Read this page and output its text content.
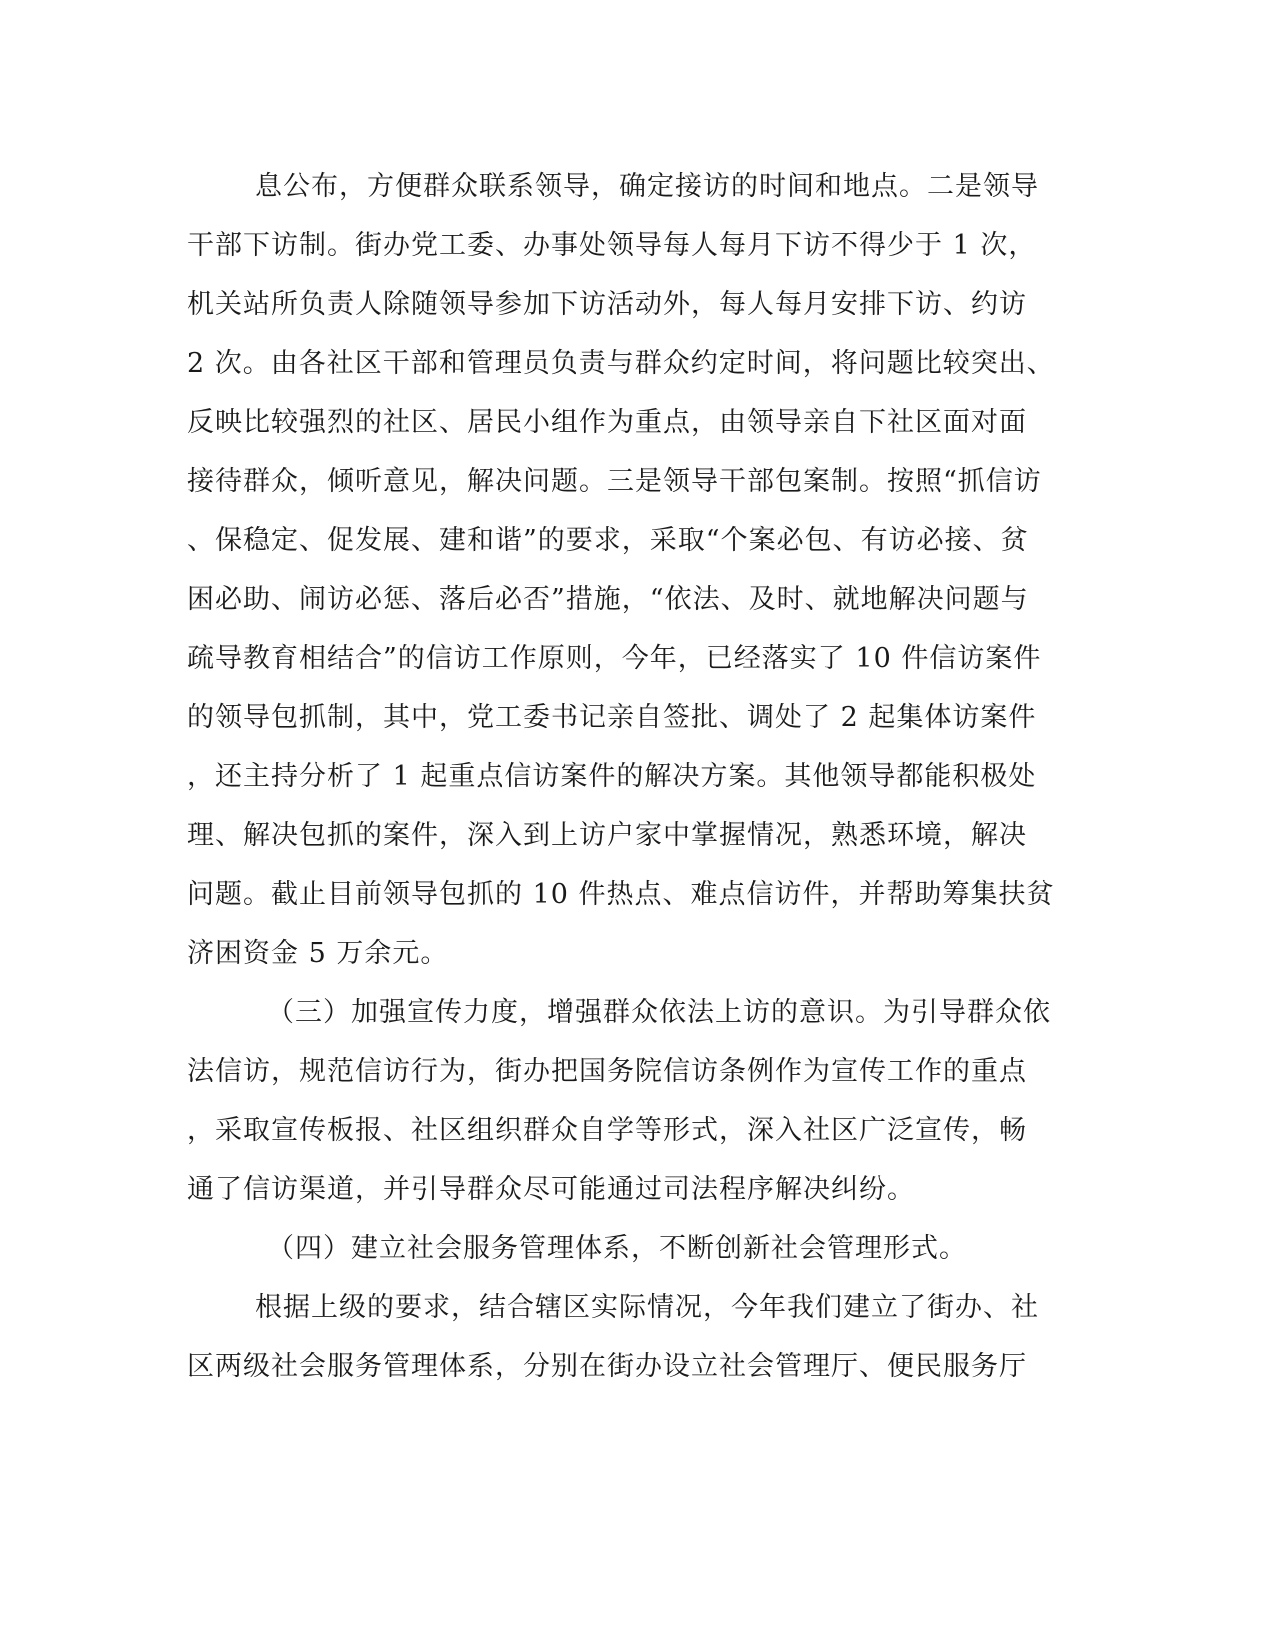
息公布，方便群众联系领导，确定接访的时间和地点。二是领导
干部下访制。街办党工委、办事处领导每人每月下访不得少于 1 次，
机关站所负责人除随领导参加下访活动外，每人每月安排下访、约访
2 次。由各社区干部和管理员负责与群众约定时间，将问题比较突出、
反映比较强烈的社区、居民小组作为重点，由领导亲自下社区面对面
接待群众，倾听意见，解决问题。三是领导干部包案制。按照“抓信访
、保稳定、促发展、建和谐”的要求，采取“个案必包、有访必接、贫
困必助、闹访必惩、落后必否”措施，“依法、及时、就地解决问题与
疏导教育相结合”的信访工作原则，今年，已经落实了 10 件信访案件
的领导包抓制，其中，党工委书记亲自签批、调处了 2 起集体访案件
，还主持分析了 1 起重点信访案件的解决方案。其他领导都能积极处
理、解决包抓的案件，深入到上访户家中掌握情况，熟悉环境，解决
问题。截止目前领导包抓的 10 件热点、难点信访件，并帮助筹集扶贫
济困资金 5 万余元。
（三）加强宣传力度，增强群众依法上访的意识。为引导群众依
法信访，规范信访行为，街办把国务院信访条例作为宣传工作的重点
，采取宣传板报、社区组织群众自学等形式，深入社区广泛宣传，畅
通了信访渠道，并引导群众尽可能通过司法程序解决纠纷。
（四）建立社会服务管理体系，不断创新社会管理形式。
根据上级的要求，结合辖区实际情况，今年我们建立了街办、社
区两级社会服务管理体系，分别在街办设立社会管理厅、便民服务厅
